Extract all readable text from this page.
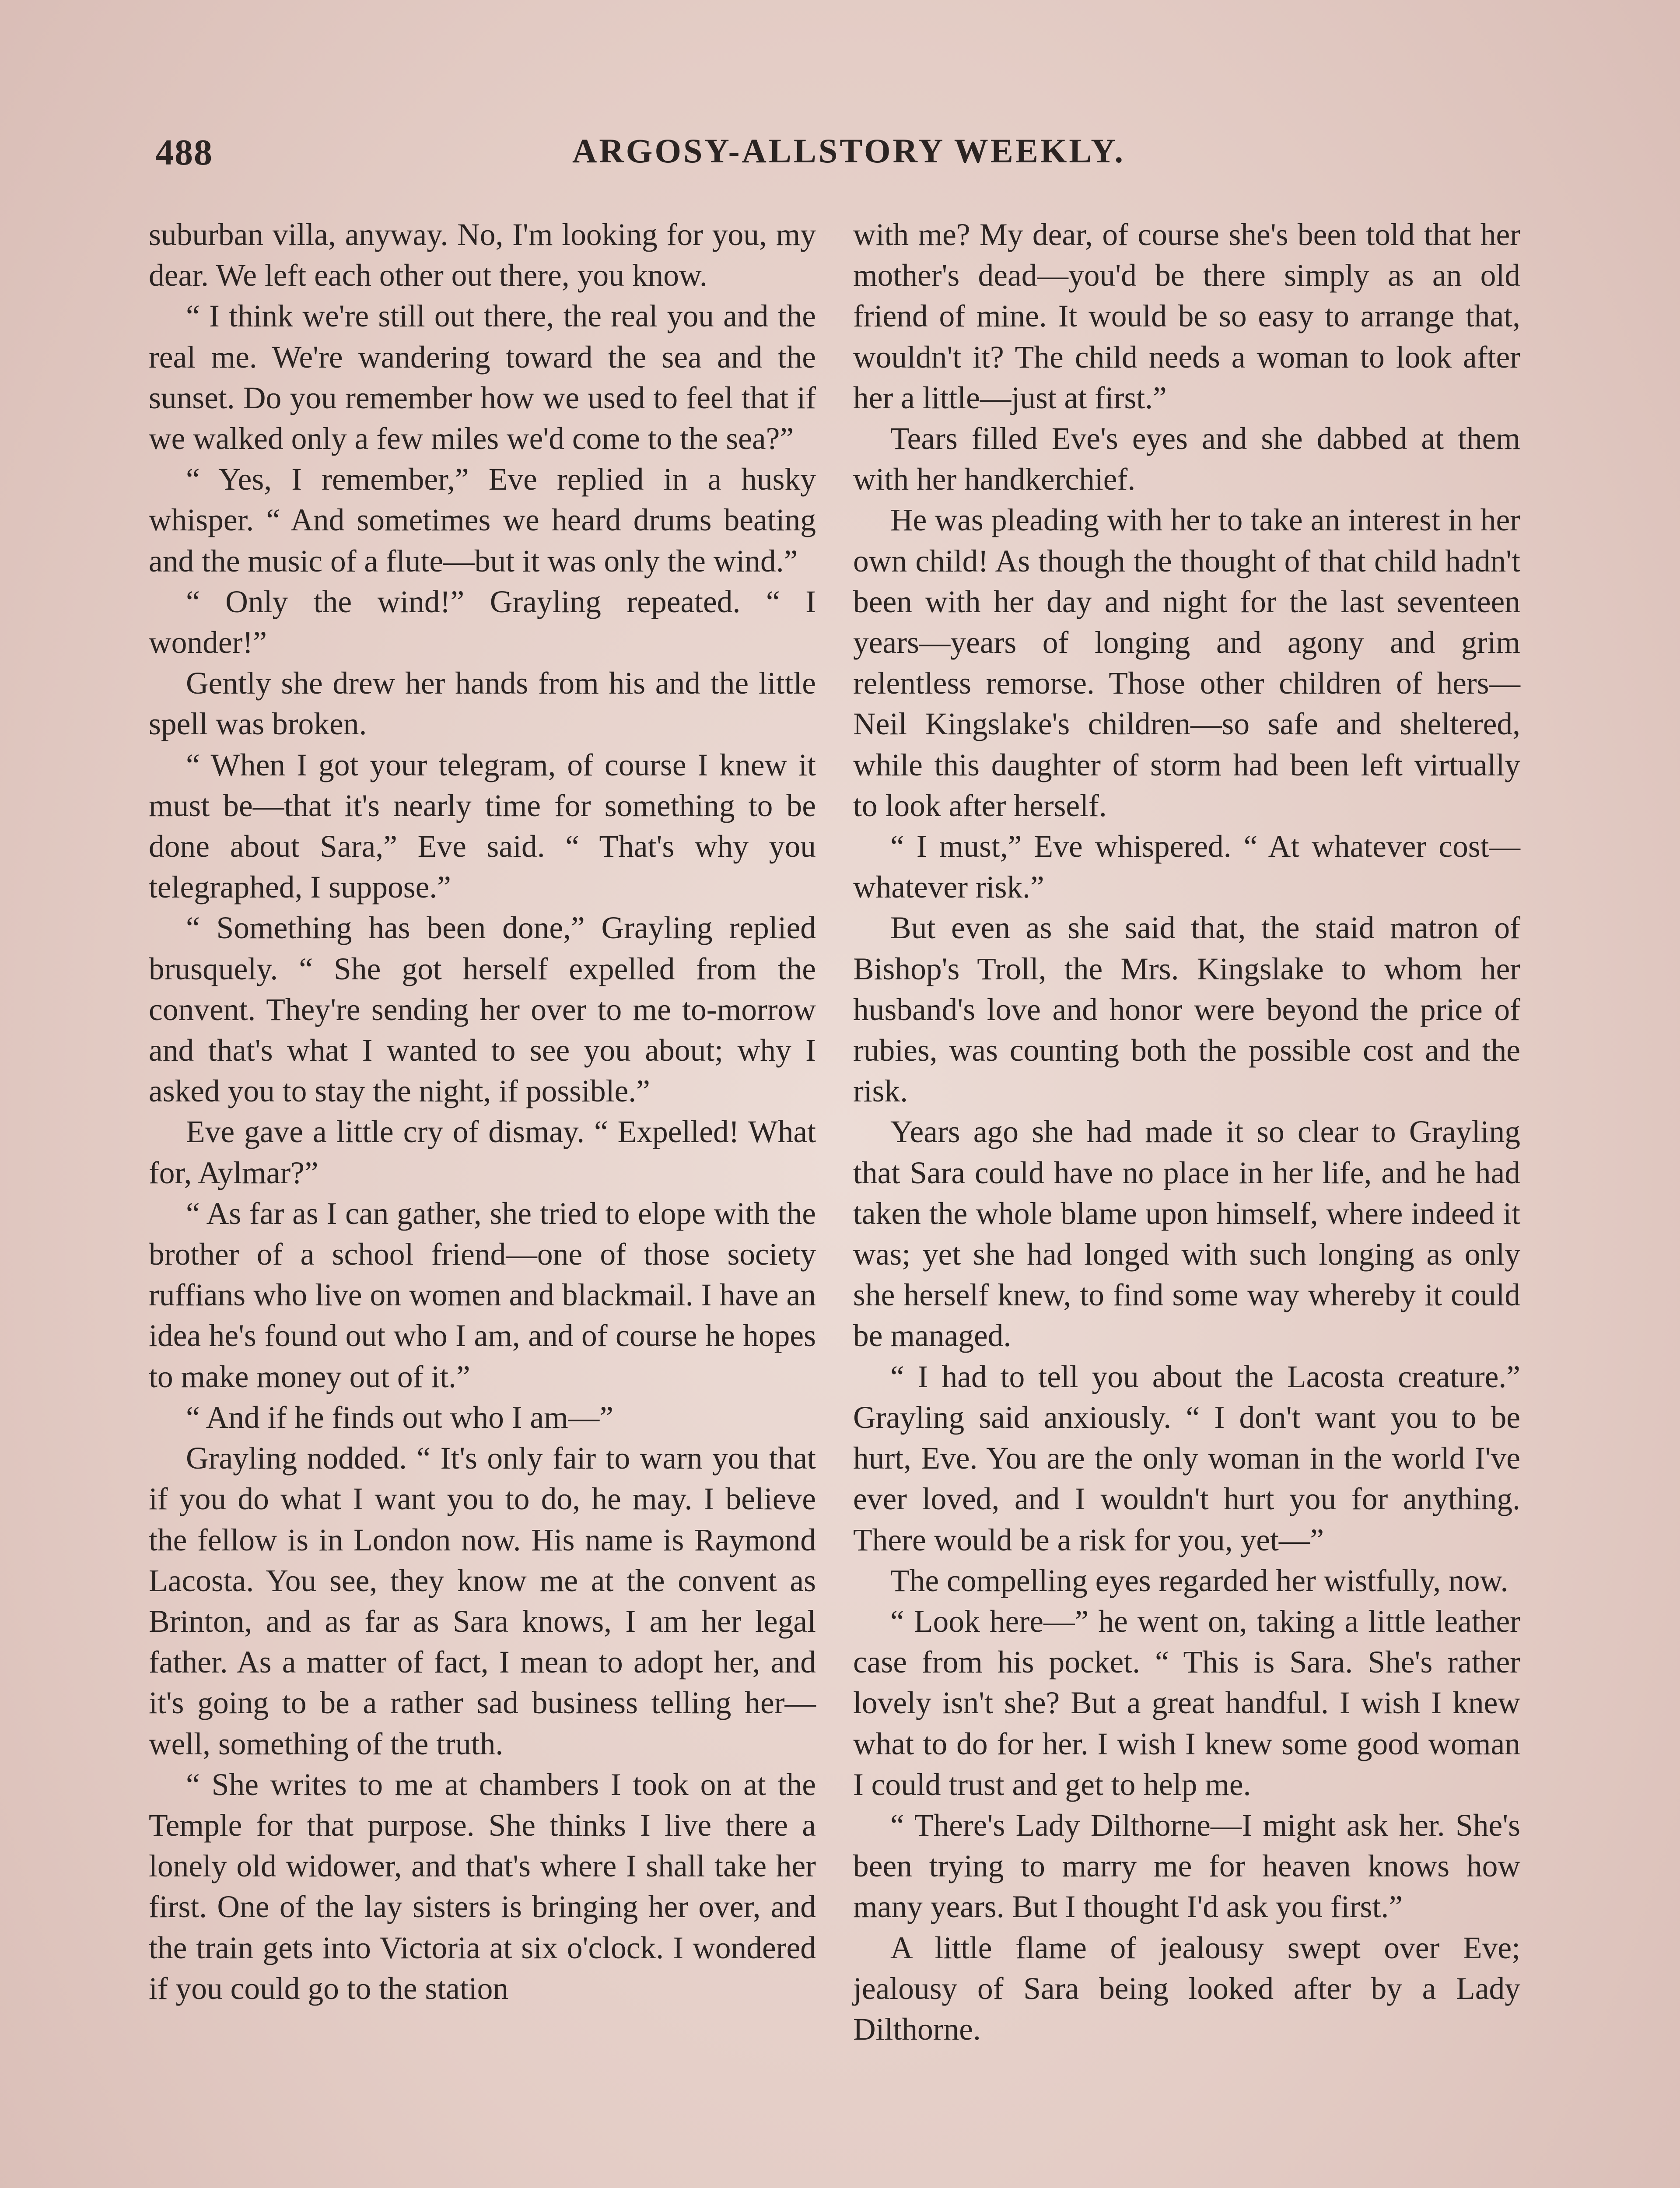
488	ARGOSY-ALLSTORY WEEKLY.

suburban villa, anyway. No, I'm looking for you, my dear. We left each other out there, you know.

“ I think we're still out there, the real you and the real me. We're wandering toward the sea and the sunset. Do you remember how we used to feel that if we walked only a few miles we'd come to the sea?”

“ Yes, I remember,” Eve replied in a husky whisper. “ And sometimes we heard drums beating and the music of a flute—but it was only the wind.”

“ Only the wind!” Grayling repeated. “ I wonder!”

Gently she drew her hands from his and the little spell was broken.

“ When I got your telegram, of course I knew it must be—that it's nearly time for something to be done about Sara,” Eve said. “ That's why you telegraphed, I suppose.”

“ Something has been done,” Grayling replied brusquely. “ She got herself expelled from the convent. They're sending her over to me to-morrow and that's what I wanted to see you about; why I asked you to stay the night, if possible.”

Eve gave a little cry of dismay. “ Expelled! What for, Aylmar?”

“ As far as I can gather, she tried to elope with the brother of a school friend—one of those society ruffians who live on women and blackmail. I have an idea he's found out who I am, and of course he hopes to make money out of it.”

“ And if he finds out who I am—”

Grayling nodded. “ It's only fair to warn you that if you do what I want you to do, he may. I believe the fellow is in London now. His name is Raymond Lacosta. You see, they know me at the convent as Brinton, and as far as Sara knows, I am her legal father. As a matter of fact, I mean to adopt her, and it's going to be a rather sad business telling her—well, something of the truth.

“ She writes to me at chambers I took on at the Temple for that purpose. She thinks I live there a lonely old widower, and that's where I shall take her first. One of the lay sisters is bringing her over, and the train gets into Victoria at six o'clock. I wondered if you could go to the station

with me? My dear, of course she's been told that her mother's dead—you'd be there simply as an old friend of mine. It would be so easy to arrange that, wouldn't it? The child needs a woman to look after her a little—just at first.”

Tears filled Eve's eyes and she dabbed at them with her handkerchief.

He was pleading with her to take an interest in her own child! As though the thought of that child hadn't been with her day and night for the last seventeen years—years of longing and agony and grim relentless remorse. Those other children of hers—Neil Kingslake's children—so safe and sheltered, while this daughter of storm had been left virtually to look after herself.

“ I must,” Eve whispered. “ At whatever cost—whatever risk.”

But even as she said that, the staid matron of Bishop's Troll, the Mrs. Kingslake to whom her husband's love and honor were beyond the price of rubies, was counting both the possible cost and the risk.

Years ago she had made it so clear to Grayling that Sara could have no place in her life, and he had taken the whole blame upon himself, where indeed it was; yet she had longed with such longing as only she herself knew, to find some way whereby it could be managed.

“ I had to tell you about the Lacosta creature.” Grayling said anxiously. “ I don't want you to be hurt, Eve. You are the only woman in the world I've ever loved, and I wouldn't hurt you for anything. There would be a risk for you, yet—”

The compelling eyes regarded her wistfully, now.

“ Look here—” he went on, taking a little leather case from his pocket. “ This is Sara. She's rather lovely isn't she? But a great handful. I wish I knew what to do for her. I wish I knew some good woman I could trust and get to help me.

“ There's Lady Dilthorne—I might ask her. She's been trying to marry me for heaven knows how many years. But I thought I'd ask you first.”

A little flame of jealousy swept over Eve; jealousy of Sara being looked after by a Lady Dilthorne.
